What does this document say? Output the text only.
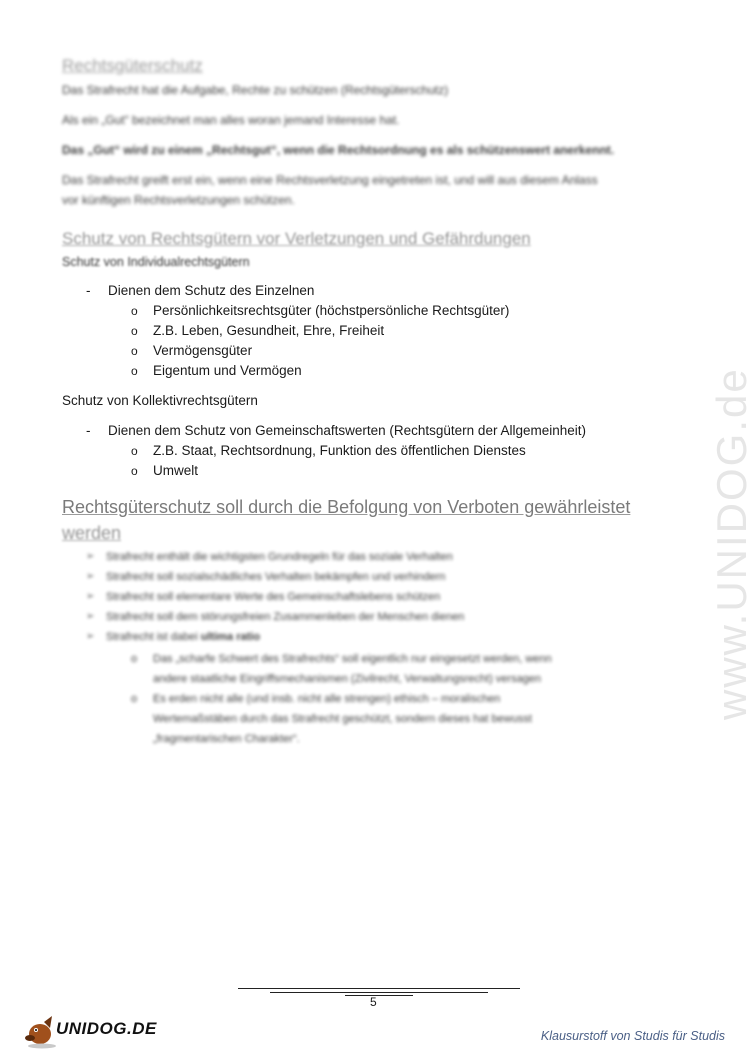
www.UNIDOG.de
Rechtsgüterschutz
Das Strafrecht hat die Aufgabe, Rechte zu schützen (Rechtsgüterschutz)
Als ein „Gut“ bezeichnet man alles woran jemand Interesse hat.
Das „Gut“ wird zu einem „Rechtsgut“, wenn die Rechtsordnung es als schützenswert anerkennt.
Das Strafrecht greift erst ein, wenn eine Rechtsverletzung eingetreten ist, und will aus diesem Anlass
vor künftigen Rechtsverletzungen schützen.
Schutz von Rechtsgütern vor Verletzungen und Gefährdungen
Schutz von Individualrechtsgütern
- Dienen dem Schutz des Einzelnen
o Persönlichkeitsrechtsgüter (höchstpersönliche Rechtsgüter)
o Z.B. Leben, Gesundheit, Ehre, Freiheit
o Vermögensgüter
o Eigentum und Vermögen
Schutz von Kollektivrechtsgütern
- Dienen dem Schutz von Gemeinschaftswerten (Rechtsgütern der Allgemeinheit)
o Z.B. Staat, Rechtsordnung, Funktion des öffentlichen Dienstes
o Umwelt
Rechtsgüterschutz soll durch die Befolgung von Verboten gewährleistet
werden
➢ Strafrecht enthält die wichtigsten Grundregeln für das soziale Verhalten
➢ Strafrecht soll sozialschädliches Verhalten bekämpfen und verhindern
➢ Strafrecht soll elementare Werte des Gemeinschaftslebens schützen
➢ Strafrecht soll dem störungsfreien Zusammenleben der Menschen dienen
➢ Strafrecht ist dabei ultima ratio
o Das „scharfe Schwert des Strafrechts“ soll eigentlich nur eingesetzt werden, wenn
andere staatliche Eingriffsmechanismen (Zivilrecht, Verwaltungsrecht) versagen
o Es erden nicht alle (und insb. nicht alle strengen) ethisch – moralischen
Wertemaßstäben durch das Strafrecht geschützt, sondern dieses hat bewusst
„fragmentarischen Charakter“.
5
UNIDOG.DE	Klausurstoff von Studis für Studis
